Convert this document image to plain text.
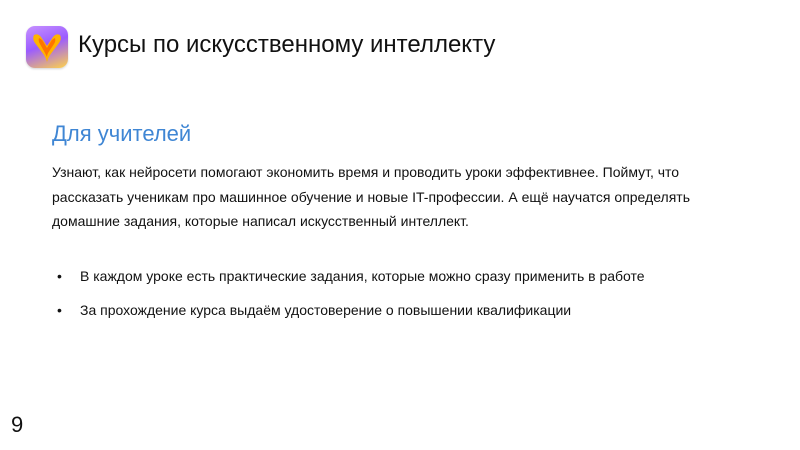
Курсы по искусственному интеллекту
Для учителей
Узнают, как нейросети помогают экономить время и проводить уроки эффективнее. Поймут, что рассказать ученикам про машинное обучение и новые IT-профессии. А ещё научатся определять домашние задания, которые написал искусственный интеллект.
• В каждом уроке есть практические задания, которые можно сразу применить в работе
• За прохождение курса выдаём удостоверение о повышении квалификации
9
